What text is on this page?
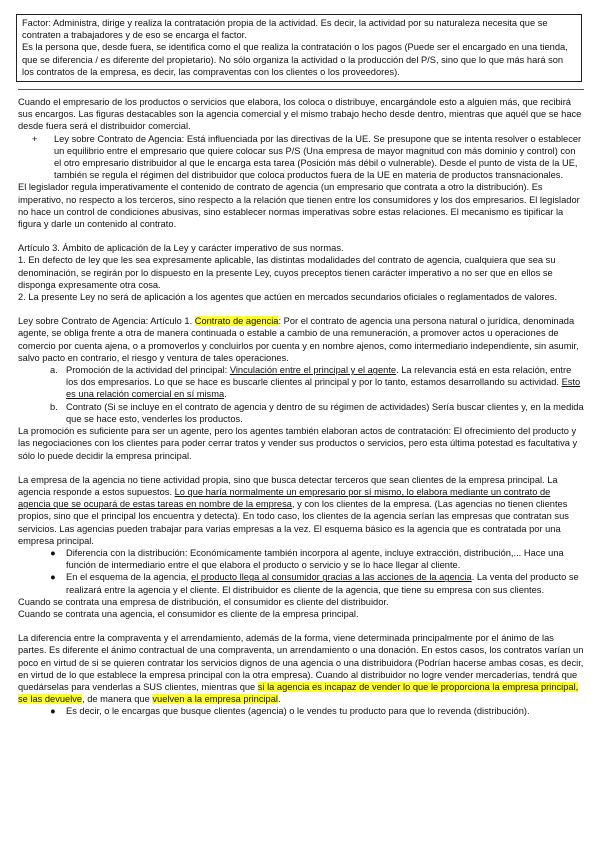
Factor: Administra, dirige y realiza la contratación propia de la actividad. Es decir, la actividad por su naturaleza necesita que se contraten a trabajadores y de eso se encarga el factor.

Es la persona que, desde fuera, se identifica como el que realiza la contratación o los pagos (Puede ser el encargado en una tienda, que se diferencia / es diferente del propietario). No sólo organiza la actividad o la producción del P/S, sino que lo que más hará son los contratos de la empresa, es decir, las compraventas con los clientes o los proveedores).

Cuando el empresario de los productos o servicios que elabora, los coloca o distribuye, encargándole esto a alguien más, que recibirá sus encargos. Las figuras destacables son la agencia comercial y el mismo trabajo hecho desde dentro, mientras que aquél que se hace desde fuera será el distribuidor comercial.

+ Ley sobre Contrato de Agencia: Está influenciada por las directivas de la UE. Se presupone que se intenta resolver o establecer un equilibrio entre el empresario que quiere colocar sus P/S (Una empresa de mayor magnitud con más dominio y control) con el otro empresario distribuidor al que le encarga esta tarea (Posición más débil o vulnerable). Desde el punto de vista de la UE, también se regula el régimen del distribuidor que coloca productos fuera de la UE en materia de productos transnacionales.

El legislador regula imperativamente el contenido de contrato de agencia (un empresario que contrata a otro la distribución). Es imperativo, no respecto a los terceros, sino respecto a la relación que tienen entre los consumidores y los dos empresarios. El legislador no hace un control de condiciones abusivas, sino establecer normas imperativas sobre estas relaciones. El mecanismo es tipificar la figura y darle un contenido al contrato.

Artículo 3. Ámbito de aplicación de la Ley y carácter imperativo de sus normas.

1. En defecto de ley que les sea expresamente aplicable, las distintas modalidades del contrato de agencia, cualquiera que sea su denominación, se regirán por lo dispuesto en la presente Ley, cuyos preceptos tienen carácter imperativo a no ser que en ellos se disponga expresamente otra cosa.

2. La presente Ley no será de aplicación a los agentes que actúen en mercados secundarios oficiales o reglamentados de valores.

Ley sobre Contrato de Agencia: Artículo 1. Contrato de agencia: Por el contrato de agencia una persona natural o jurídica, denominada agente, se obliga frente a otra de manera continuada o estable a cambio de una remuneración, a promover actos u operaciones de comercio por cuenta ajena, o a promoverlos y concluirlos por cuenta y en nombre ajenos, como intermediario independiente, sin asumir, salvo pacto en contrario, el riesgo y ventura de tales operaciones.

a. Promoción de la actividad del principal: Vinculación entre el principal y el agente. La relevancia está en esta relación, entre los dos empresarios. Lo que se hace es buscarle clientes al principal y por lo tanto, estamos desarrollando su actividad. Esto es una relación comercial en sí misma.
b. Contrato (Si se incluye en el contrato de agencia y dentro de su régimen de actividades) Sería buscar clientes y, en la medida que se hace esto, venderles los productos.

La promoción es suficiente para ser un agente, pero los agentes también elaboran actos de contratación: El ofrecimiento del producto y las negociaciones con los clientes para poder cerrar tratos y vender sus productos o servicios, pero esta última potestad es facultativa y sólo lo puede decidir la empresa principal.

La empresa de la agencia no tiene actividad propia, sino que busca detectar terceros que sean clientes de la empresa principal. La agencia responde a estos supuestos. Lo que haría normalmente un empresario por sí mismo, lo elabora mediante un contrato de agencia que se ocupará de estas tareas en nombre de la empresa, y con los clientes de la empresa. (Las agencias no tienen clientes propios, sino que el principal los encuentra y detecta). En todo caso, los clientes de la agencia serían las empresas que contratan sus servicios. Las agencias pueden trabajar para varias empresas a la vez. El esquema básico es la agencia que es contratada por una empresa principal.

● Diferencia con la distribución: Económicamente también incorpora al agente, incluye extracción, distribución,... Hace una función de intermediario entre el que elabora el producto o servicio y se lo hace llegar al cliente.
● En el esquema de la agencia, el producto llega al consumidor gracias a las acciones de la agencia. La venta del producto se realizará entre la agencia y el cliente. El distribuidor es cliente de la agencia, que tiene su empresa con sus clientes.

Cuando se contrata una empresa de distribución, el consumidor es cliente del distribuidor.

Cuando se contrata una agencia, el consumidor es cliente de la empresa principal.

La diferencia entre la compraventa y el arrendamiento, además de la forma, viene determinada principalmente por el ánimo de las partes. Es diferente el ánimo contractual de una compraventa, un arrendamiento o una donación. En estos casos, los contratos varían un poco en virtud de si se quieren contratar los servicios dignos de una agencia o una distribuidora (Podrían hacerse ambas cosas, es decir, en virtud de lo que establece la empresa principal con la otra empresa). Cuando al distribuidor no logre vender mercaderías, tendrá que quedárselas para venderlas a SUS clientes, mientras que si la agencia es incapaz de vender lo que le proporciona la empresa principal, se las devuelve, de manera que vuelven a la empresa principal.

● Es decir, o le encargas que busque clientes (agencia) o le vendes tu producto para que lo revenda (distribución).
